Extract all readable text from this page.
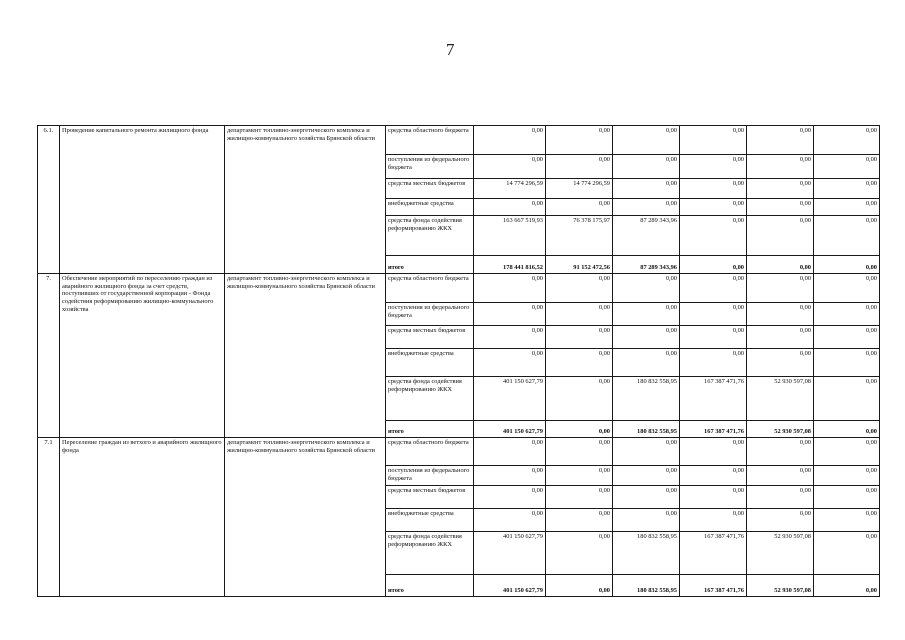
7
6.1.	Проведение капитального ремонта жилищного фонда	департамент топливно-энергетического комплекса и жилищно-коммунального хозяйства Брянской области	средства областного бюджета	0,00	0,00	0,00	0,00	0,00	0,00
			поступления из федерального бюджета	0,00	0,00	0,00	0,00	0,00	0,00
			средства местных бюджетов	14 774 296,59	14 774 296,59	0,00	0,00	0,00	0,00
			внебюджетные средства	0,00	0,00	0,00	0,00	0,00	0,00
			средства фонда содействия реформированию ЖКХ	163 667 519,93	76 378 175,97	87 289 343,96	0,00	0,00	0,00
			итого	178 441 816,52	91 152 472,56	87 289 343,96	0,00	0,00	0,00
7.	Обеспечение мероприятий по переселению граждан из аварийного жилищного фонда за счет средств, поступивших от государственной корпорации - Фонда содействия реформированию жилищно-коммунального хозяйства	департамент топливно-энергетического комплекса и жилищно-коммунального хозяйства Брянской области	средства областного бюджета	0,00	0,00	0,00	0,00	0,00	0,00
			поступления из федерального бюджета	0,00	0,00	0,00	0,00	0,00	0,00
			средства местных бюджетов	0,00	0,00	0,00	0,00	0,00	0,00
			внебюджетные средства	0,00	0,00	0,00	0,00	0,00	0,00
			средства фонда содействия реформированию ЖКХ	401 150 627,79	0,00	180 832 558,95	167 387 471,76	52 930 597,08	0,00
			итого	401 150 627,79	0,00	180 832 558,95	167 387 471,76	52 930 597,08	0,00
7.1	Переселение граждан из ветхого и аварийного жилищного фонда	департамент топливно-энергетического комплекса и жилищно-коммунального хозяйства Брянской области	средства областного бюджета	0,00	0,00	0,00	0,00	0,00	0,00
			поступления из федерального бюджета	0,00	0,00	0,00	0,00	0,00	0,00
			средства местных бюджетов	0,00	0,00	0,00	0,00	0,00	0,00
			внебюджетные средства	0,00	0,00	0,00	0,00	0,00	0,00
			средства фонда содействия реформированию ЖКХ	401 150 627,79	0,00	180 832 558,95	167 387 471,76	52 930 597,08	0,00
			итого	401 150 627,79	0,00	180 832 558,95	167 387 471,76	52 930 597,08	0,00
